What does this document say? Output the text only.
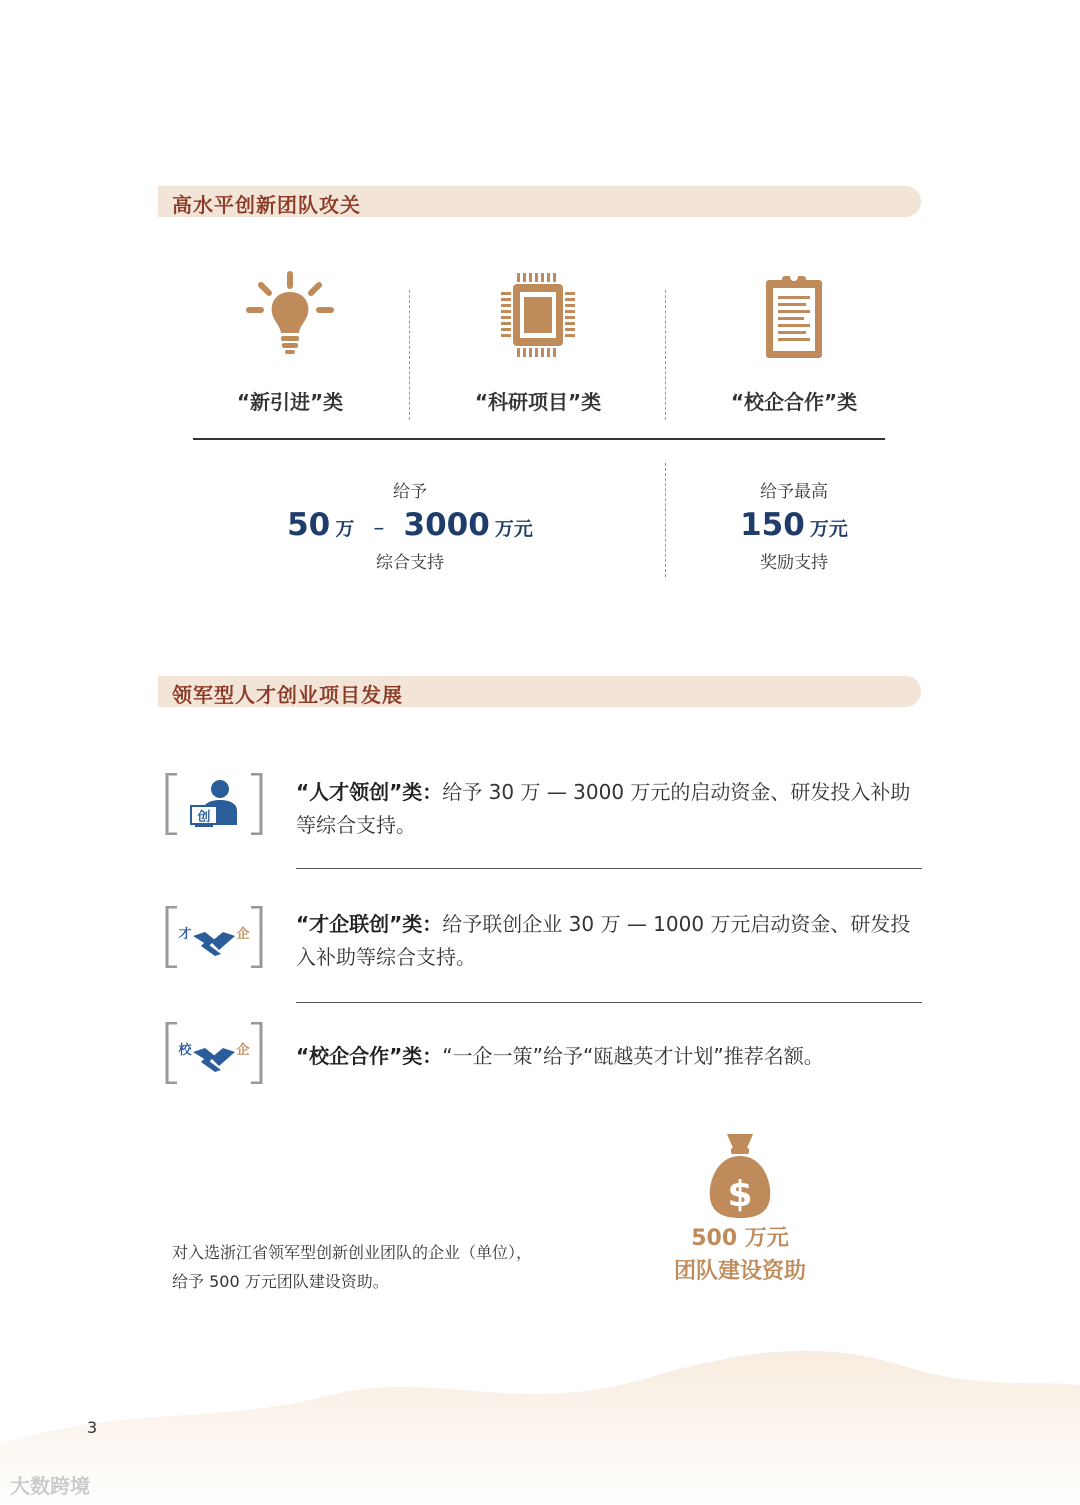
高水平创新团队攻关
“新引进”类	“科研项目”类	“校企合作”类
给予
50 万 – 3000 万元
综合支持
给予最高
150 万元
奖励支持
领军型人才创业项目发展
创
“人才领创”类：给予 30 万 — 3000 万元的启动资金、研发投入补助等综合支持。
才	企 “才企联创”类：给予联创企业 30 万 — 1000 万元启动资金、研发投入补助等综合支持。
校	企 “校企合作”类：“一企一策”给予“瓯越英才计划”推荐名额。
对入选浙江省领军型创新创业团队的企业（单位），
给予 500 万元团队建设资助。
$
500 万元
团队建设资助
3
大数跨境
